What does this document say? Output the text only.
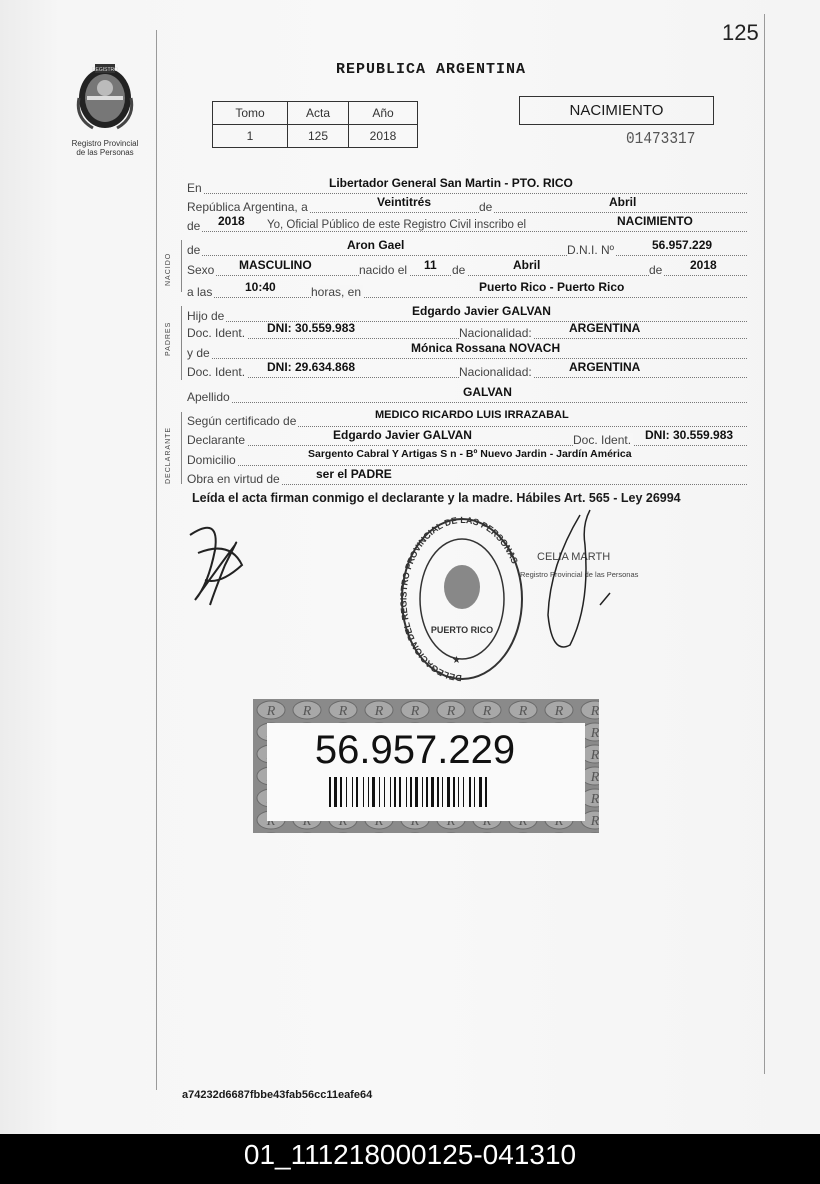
125
REGISTRO
Registro Provincial
de las Personas
REPUBLICA ARGENTINA
Tomo	Acta	Año
1	125	2018
NACIMIENTO
01473317
NACIDO
PADRES
DECLARANTE
En	Libertador General San Martin - PTO. RICO
República Argentina, a	Veintitrés	de	Abril
de 2018 Yo, Oficial Público de este Registro Civil inscribo el	NACIMIENTO
de	Aron Gael	D.N.I. Nº	56.957.229
Sexo MASCULINO	nacido el 11 de	Abril	de 2018
a las	10:40	horas, en	Puerto Rico - Puerto Rico
Hijo de	Edgardo Javier GALVAN
Doc. Ident. DNI: 30.559.983	Nacionalidad:	ARGENTINA
y de	Mónica Rossana NOVACH
Doc. Ident. DNI: 29.634.868	Nacionalidad:	ARGENTINA
Apellido	GALVAN
Según certificado de	MEDICO RICARDO LUIS IRRAZABAL
Declarante	Edgardo Javier GALVAN	Doc. Ident. DNI: 30.559.983
Domicilio	Sargento Cabral Y Artigas S n - Bº Nuevo Jardin - Jardín América
Obra en virtud de	ser el PADRE
Leída el acta firman conmigo el declarante y la madre. Hábiles Art. 565 - Ley 26994
DELEGACION DEL REGISTRO PROVINCIAL DE LAS PERSONAS
PUERTO RICO
★
CELIA MARTH
Registro Provincial de las Personas
56.957.229
a74232d6687fbbe43fab56cc11eafe64
01_111218000125-041310
